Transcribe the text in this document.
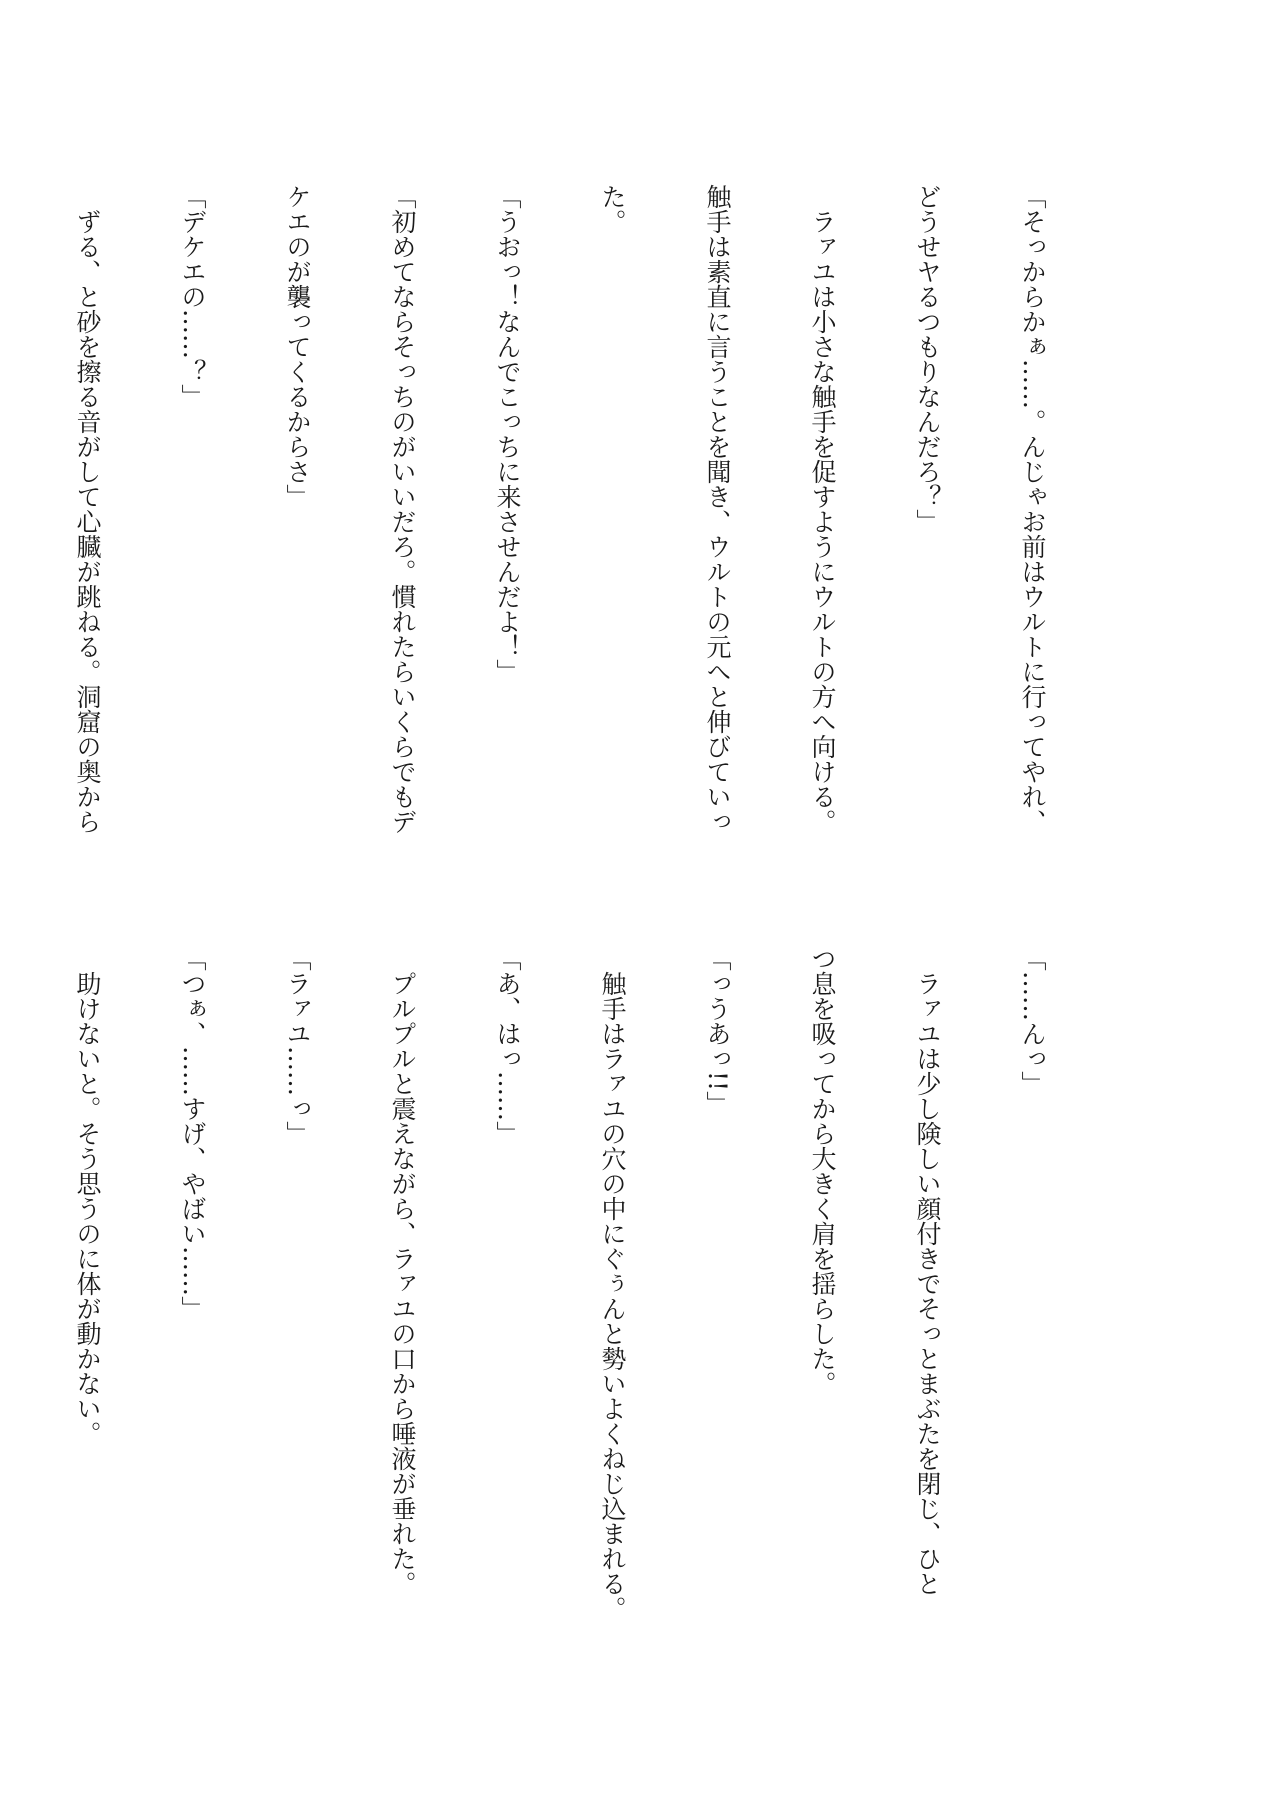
「そっからかぁ……。んじゃお前はウルトに行ってやれ、

どうせヤるつもりなんだろ？」

　ラァユは小さな触手を促すようにウルトの方へ向ける。

触手は素直に言うことを聞き、ウルトの元へと伸びていっ

た。

「うおっ！なんでこっちに来させんだよ！」

「初めてならそっちのがいいだろ。慣れたらいくらでもデ

ケエのが襲ってくるからさ」

「デケエの……？」

　ずる、と砂を擦る音がして心臓が跳ねる。洞窟の奥から

「……んっ」

　ラァユは少し険しい顔付きでそっとまぶたを閉じ、ひと

つ息を吸ってから大きく肩を揺らした。

「っうあっ!!」

　触手はラァユの穴の中にぐぅんと勢いよくねじ込まれる。

「あ、はっ……」

　プルプルと震えながら、ラァユの口から唾液が垂れた。

「ラァユ……っ」

「つぁ、……すげ、やばい……」

　助けないと。そう思うのに体が動かない。
